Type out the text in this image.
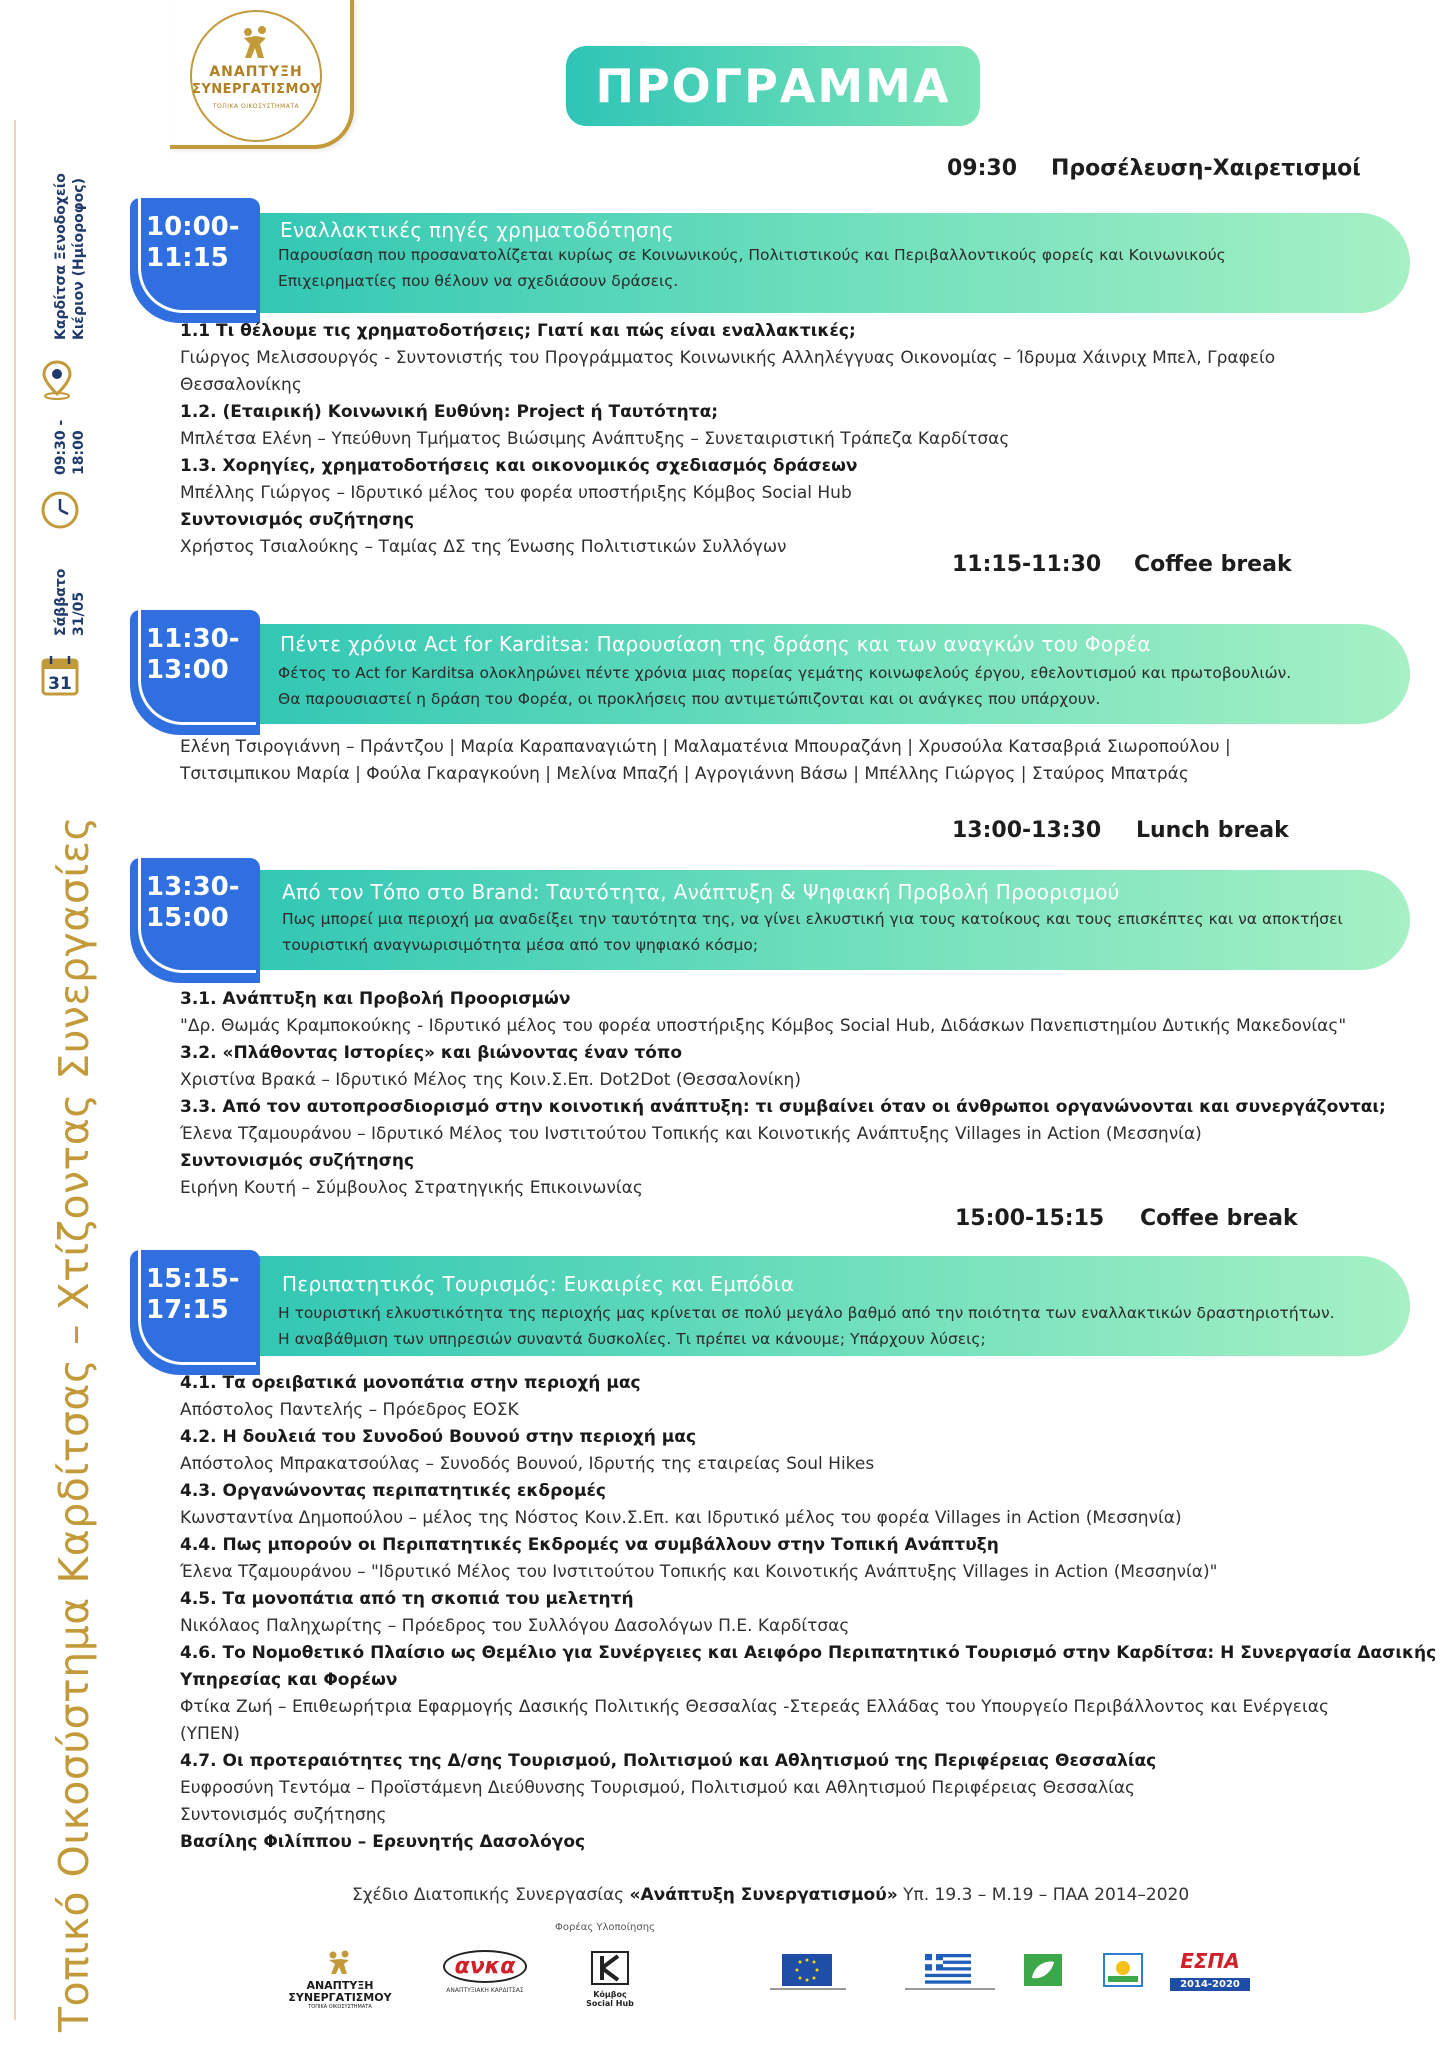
Τοπικό Οικοσύστημα Καρδίτσας – Χτίζοντας Συνεργασίες
Καρδίτσα Ξενοδοχείο Κιέριον (Ημίοροφος)
09:30 - 18:00
Σάββατο 31/05
31
ΑΝΑΠΤΥΞΗ
ΣΥΝΕΡΓΑΤΙΣΜΟΥ
ΤΟΠΙΚΑ ΟΙΚΟΣΥΣΤΗΜΑΤΑ	ΠΡΟΓΡΑΜΜΑ
09:30 Προσέλευση-Χαιρετισμοί
10:00-
11:15
Εναλλακτικές πηγές χρηματοδότησης
Παρουσίαση που προσανατολίζεται κυρίως σε Κοινωνικούς, Πολιτιστικούς και Περιβαλλοντικούς φορείς και Κοινωνικούς
Επιχειρηματίες που θέλουν να σχεδιάσουν δράσεις.
1.1 Τι θέλουμε τις χρηματοδοτήσεις; Γιατί και πώς είναι εναλλακτικές;
Γιώργος Μελισσουργός - Συντονιστής του Προγράμματος Κοινωνικής Αλληλέγγυας Οικονομίας – Ίδρυμα Χάινριχ Μπελ, Γραφείο
Θεσσαλονίκης
1.2. (Εταιρική) Κοινωνική Ευθύνη: Project ή Ταυτότητα;
Μπλέτσα Ελένη – Υπεύθυνη Τμήματος Βιώσιμης Ανάπτυξης – Συνεταιριστική Τράπεζα Καρδίτσας
1.3. Χορηγίες, χρηματοδοτήσεις και οικονομικός σχεδιασμός δράσεων
Μπέλλης Γιώργος – Ιδρυτικό μέλος του φορέα υποστήριξης Κόμβος Social Hub
Συντονισμός συζήτησης
Χρήστος Τσιαλούκης – Ταμίας ΔΣ της Ένωσης Πολιτιστικών Συλλόγων
11:15-11:30 Coffee break
11:30-
13:00
Πέντε χρόνια Act for Karditsa: Παρουσίαση της δράσης και των αναγκών του Φορέα
Φέτος το Act for Karditsa ολοκληρώνει πέντε χρόνια μιας πορείας γεμάτης κοινωφελούς έργου, εθελοντισμού και πρωτοβουλιών.
Θα παρουσιαστεί η δράση του Φορέα, οι προκλήσεις που αντιμετώπιζονται και οι ανάγκες που υπάρχουν.
Ελένη Τσιρογιάννη – Πράντζου | Μαρία Καραπαναγιώτη | Μαλαματένια Μπουραζάνη | Χρυσούλα Κατσαβριά Σιωροπούλου |
Τσιτσιμπικου Μαρία | Φούλα Γκαραγκούνη | Μελίνα Μπαζή | Αγρογιάννη Βάσω | Μπέλλης Γιώργος | Σταύρος Μπατράς
13:00-13:30 Lunch break
13:30-
15:00
Από τον Τόπο στο Brand: Ταυτότητα, Ανάπτυξη & Ψηφιακή Προβολή Προορισμού
Πως μπορεί μια περιοχή μα αναδείξει την ταυτότητα της, να γίνει ελκυστική για τους κατοίκους και τους επισκέπτες και να αποκτήσει
τουριστική αναγνωρισιμότητα μέσα από τον ψηφιακό κόσμο;
3.1. Ανάπτυξη και Προβολή Προορισμών
"Δρ. Θωμάς Κραμποκούκης - Ιδρυτικό μέλος του φορέα υποστήριξης Κόμβος Social Hub, Διδάσκων Πανεπιστημίου Δυτικής Μακεδονίας"
3.2. «Πλάθοντας Ιστορίες» και βιώνοντας έναν τόπο
Χριστίνα Βρακά – Ιδρυτικό Μέλος της Κοιν.Σ.Επ. Dot2Dot (Θεσσαλονίκη)
3.3. Από τον αυτοπροσδιορισμό στην κοινοτική ανάπτυξη: τι συμβαίνει όταν οι άνθρωποι οργανώνονται και συνεργάζονται;
Έλενα Τζαμουράνου – Ιδρυτικό Μέλος του Ινστιτούτου Τοπικής και Κοινοτικής Ανάπτυξης Villages in Action (Μεσσηνία)
Συντονισμός συζήτησης
Ειρήνη Κουτή – Σύμβουλος Στρατηγικής Επικοινωνίας
15:00-15:15 Coffee break
15:15-
17:15
Περιπατητικός Τουρισμός: Ευκαιρίες και Εμπόδια
Η τουριστική ελκυστικότητα της περιοχής μας κρίνεται σε πολύ μεγάλο βαθμό από την ποιότητα των εναλλακτικών δραστηριοτήτων.
Η αναβάθμιση των υπηρεσιών συναντά δυσκολίες. Τι πρέπει να κάνουμε; Υπάρχουν λύσεις;
4.1. Τα ορειβατικά μονοπάτια στην περιοχή μας
Απόστολος Παντελής – Πρόεδρος ΕΟΣΚ
4.2. Η δουλειά του Συνοδού Βουνού στην περιοχή μας
Απόστολος Μπρακατσούλας – Συνοδός Βουνού, Ιδρυτής της εταιρείας Soul Hikes
4.3. Οργανώνοντας περιπατητικές εκδρομές
Κωνσταντίνα Δημοπούλου – μέλος της Νόστος Κοιν.Σ.Επ. και Ιδρυτικό μέλος του φορέα Villages in Action (Μεσσηνία)
4.4. Πως μπορούν οι Περιπατητικές Εκδρομές να συμβάλλουν στην Τοπική Ανάπτυξη
Έλενα Τζαμουράνου – "Ιδρυτικό Μέλος του Ινστιτούτου Τοπικής και Κοινοτικής Ανάπτυξης Villages in Action (Μεσσηνία)"
4.5. Τα μονοπάτια από τη σκοπιά του μελετητή
Νικόλαος Παληχωρίτης – Πρόεδρος του Συλλόγου Δασολόγων Π.Ε. Καρδίτσας
4.6. Το Νομοθετικό Πλαίσιο ως Θεμέλιο για Συνέργειες και Αειφόρο Περιπατητικό Τουρισμό στην Καρδίτσα: Η Συνεργασία Δασικής
Υπηρεσίας και Φορέων
Φτίκα Ζωή – Επιθεωρήτρια Εφαρμογής Δασικής Πολιτικής Θεσσαλίας -Στερεάς Ελλάδας του Υπουργείο Περιβάλλοντος και Ενέργειας
(ΥΠΕΝ)
4.7. Οι προτεραιότητες της Δ/σης Τουρισμού, Πολιτισμού και Αθλητισμού της Περιφέρειας Θεσσαλίας
Ευφροσύνη Τεντόμα – Προϊστάμενη Διεύθυνσης Τουρισμού, Πολιτισμού και Αθλητισμού Περιφέρειας Θεσσαλίας
Συντονισμός συζήτησης
Βασίλης Φιλίππου – Ερευνητής Δασολόγος
Σχέδιο Διατοπικής Συνεργασίας «Ανάπτυξη Συνεργατισμού» Υπ. 19.3 – Μ.19 – ΠΑΑ 2014–2020
Φορέας Υλοποίησης
ΑΝΑΠΤΥΞΗ
ΣΥΝΕΡΓΑΤΙΣΜΟΥ
ΤΟΠΙΚΑ ΟΙΚΟΣΥΣΤΗΜΑΤΑ
ανκα
ΑΝΑΠΤΥΞΙΑΚΗ ΚΑΡΔΙΤΣΑΣ	Κόμβος
Social Hub
ΕΣΠΑ
2014-2020
